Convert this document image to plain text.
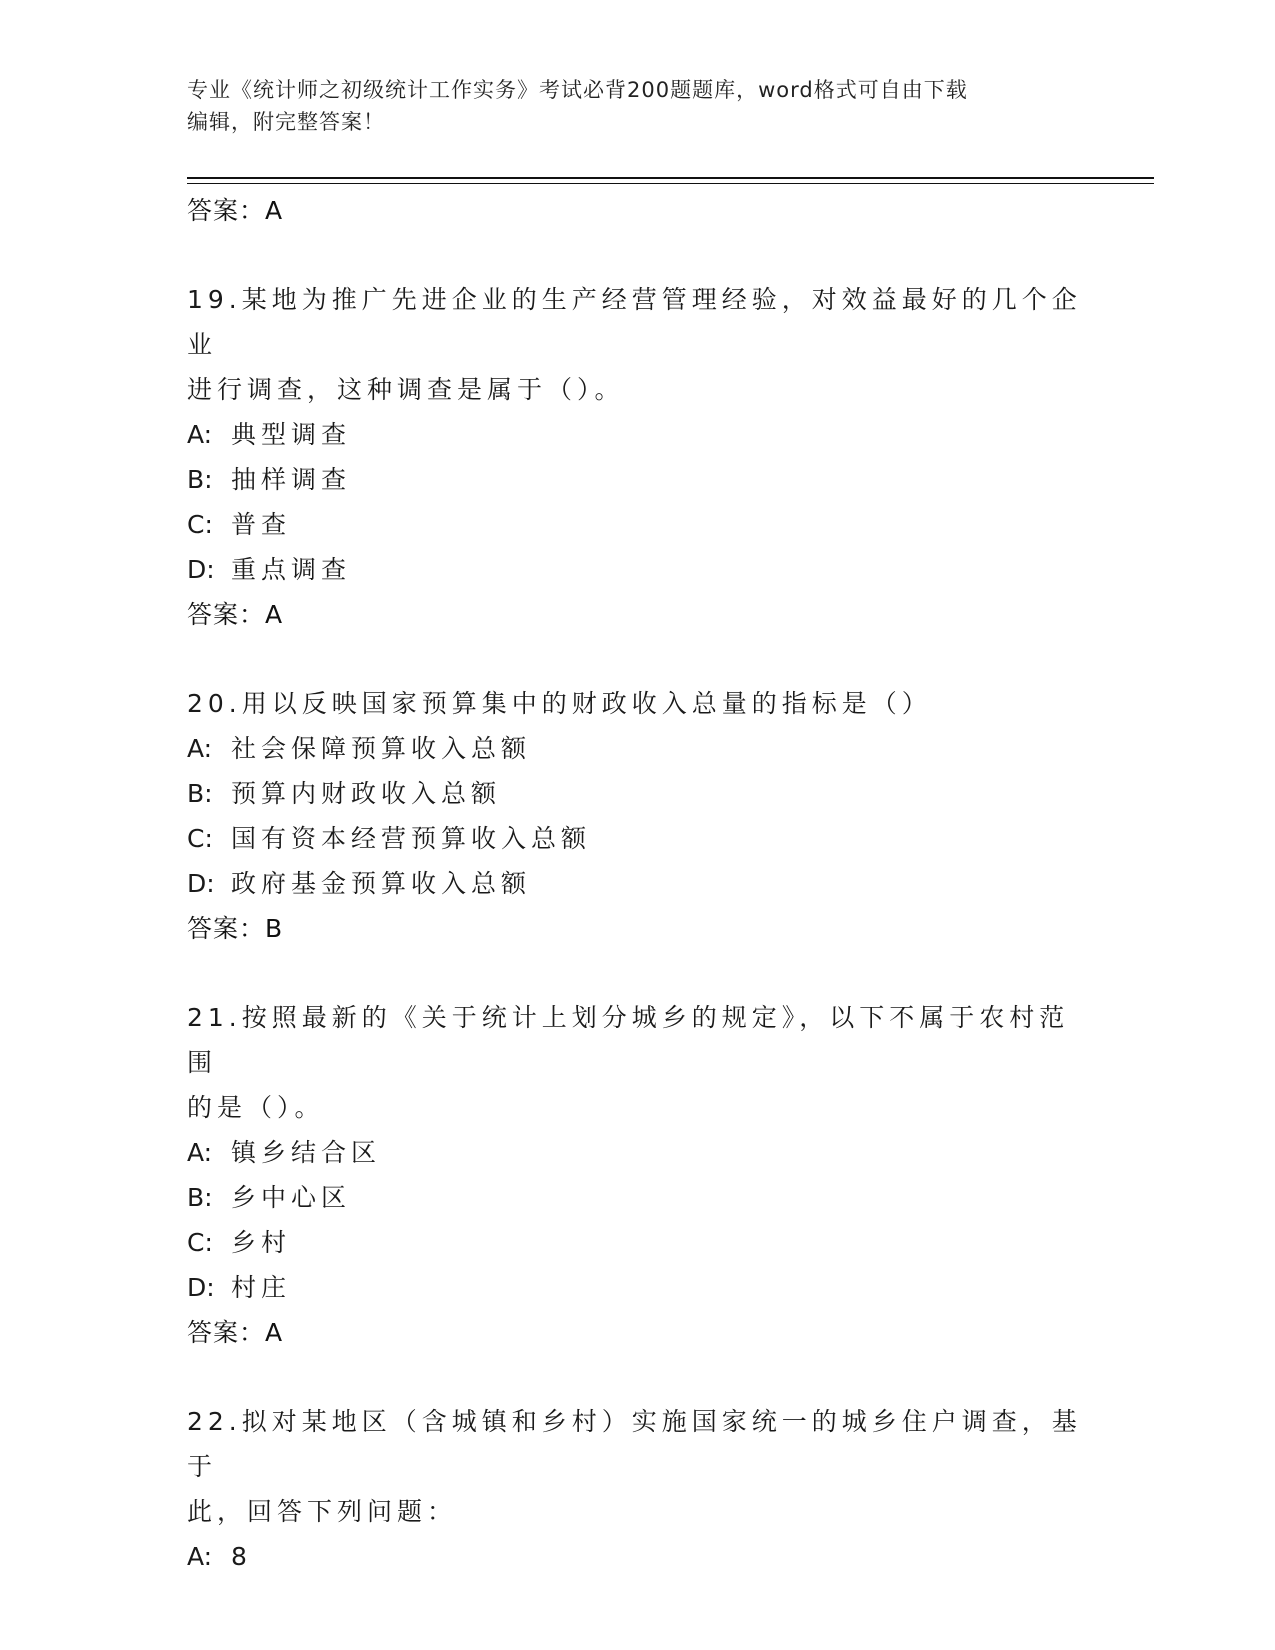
专业《统计师之初级统计工作实务》考试必背200题题库，word格式可自由下载
编辑，附完整答案！
答案：A
19.某地为推广先进企业的生产经营管理经验，对效益最好的几个企业
进行调查，这种调查是属于（）。
A: 典型调查
B: 抽样调查
C: 普查
D: 重点调查
答案：A
20.用以反映国家预算集中的财政收入总量的指标是（）
A: 社会保障预算收入总额
B: 预算内财政收入总额
C: 国有资本经营预算收入总额
D: 政府基金预算收入总额
答案：B
21.按照最新的《关于统计上划分城乡的规定》，以下不属于农村范围
的是（）。
A: 镇乡结合区
B: 乡中心区
C: 乡村
D: 村庄
答案：A
22.拟对某地区（含城镇和乡村）实施国家统一的城乡住户调查，基于
此，回答下列问题：
A: 8
